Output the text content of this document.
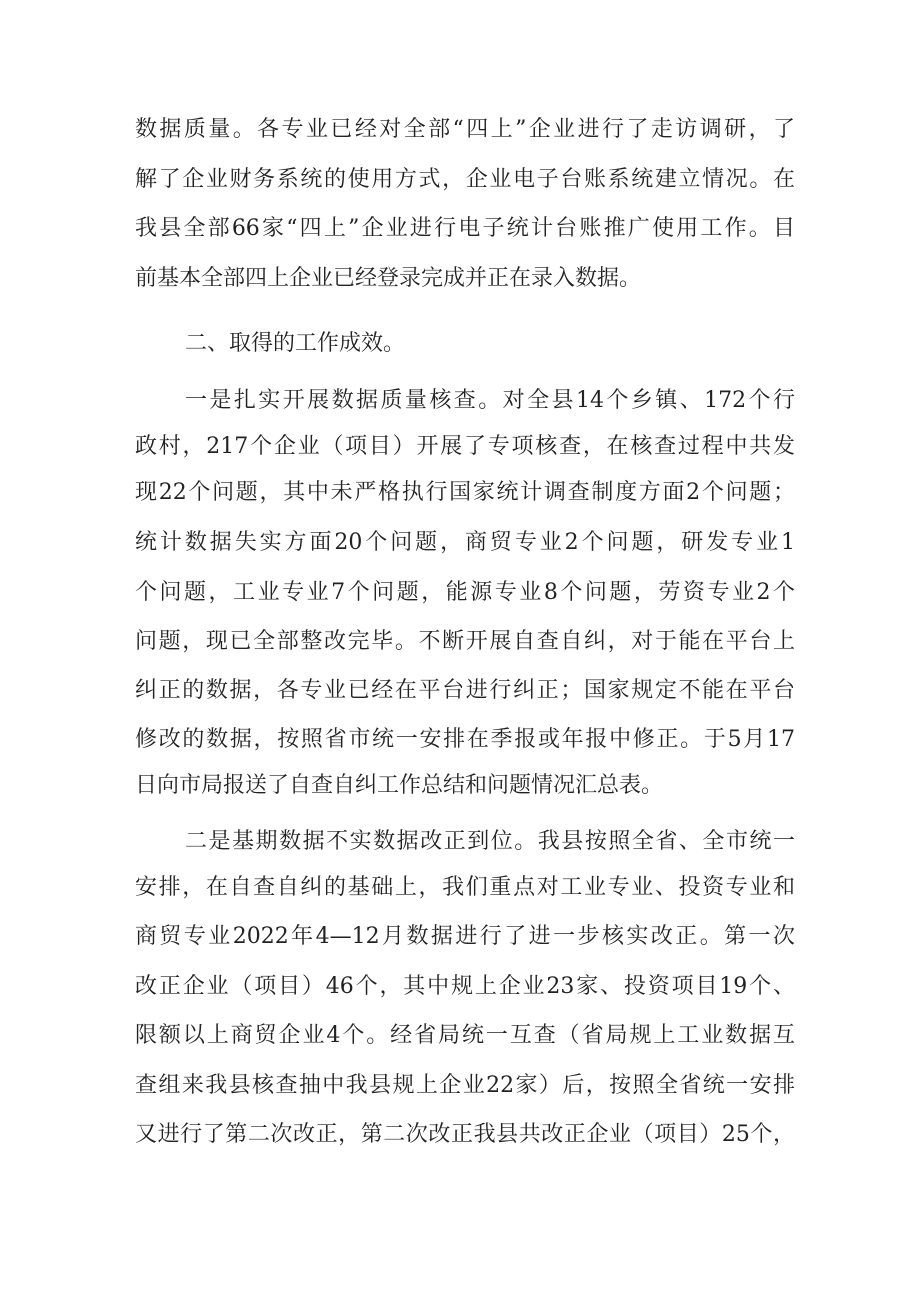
数据质量。各专业已经对全部“四上”企业进行了走访调研，了
解了企业财务系统的使用方式，企业电子台账系统建立情况。在
我县全部66家“四上”企业进行电子统计台账推广使用工作。目
前基本全部四上企业已经登录完成并正在录入数据。
二、取得的工作成效。
一是扎实开展数据质量核查。对全县14个乡镇、172个行
政村，217个企业（项目）开展了专项核查，在核查过程中共发
现22个问题，其中未严格执行国家统计调查制度方面2个问题；
统计数据失实方面20个问题，商贸专业2个问题，研发专业1
个问题，工业专业7个问题，能源专业8个问题，劳资专业2个
问题，现已全部整改完毕。不断开展自查自纠，对于能在平台上
纠正的数据，各专业已经在平台进行纠正；国家规定不能在平台
修改的数据，按照省市统一安排在季报或年报中修正。于5月17
日向市局报送了自查自纠工作总结和问题情况汇总表。
二是基期数据不实数据改正到位。我县按照全省、全市统一
安排，在自查自纠的基础上，我们重点对工业专业、投资专业和
商贸专业2022年4—12月数据进行了进一步核实改正。第一次
改正企业（项目）46个，其中规上企业23家、投资项目19个、
限额以上商贸企业4个。经省局统一互查（省局规上工业数据互
查组来我县核查抽中我县规上企业22家）后，按照全省统一安排
又进行了第二次改正，第二次改正我县共改正企业（项目）25个，
